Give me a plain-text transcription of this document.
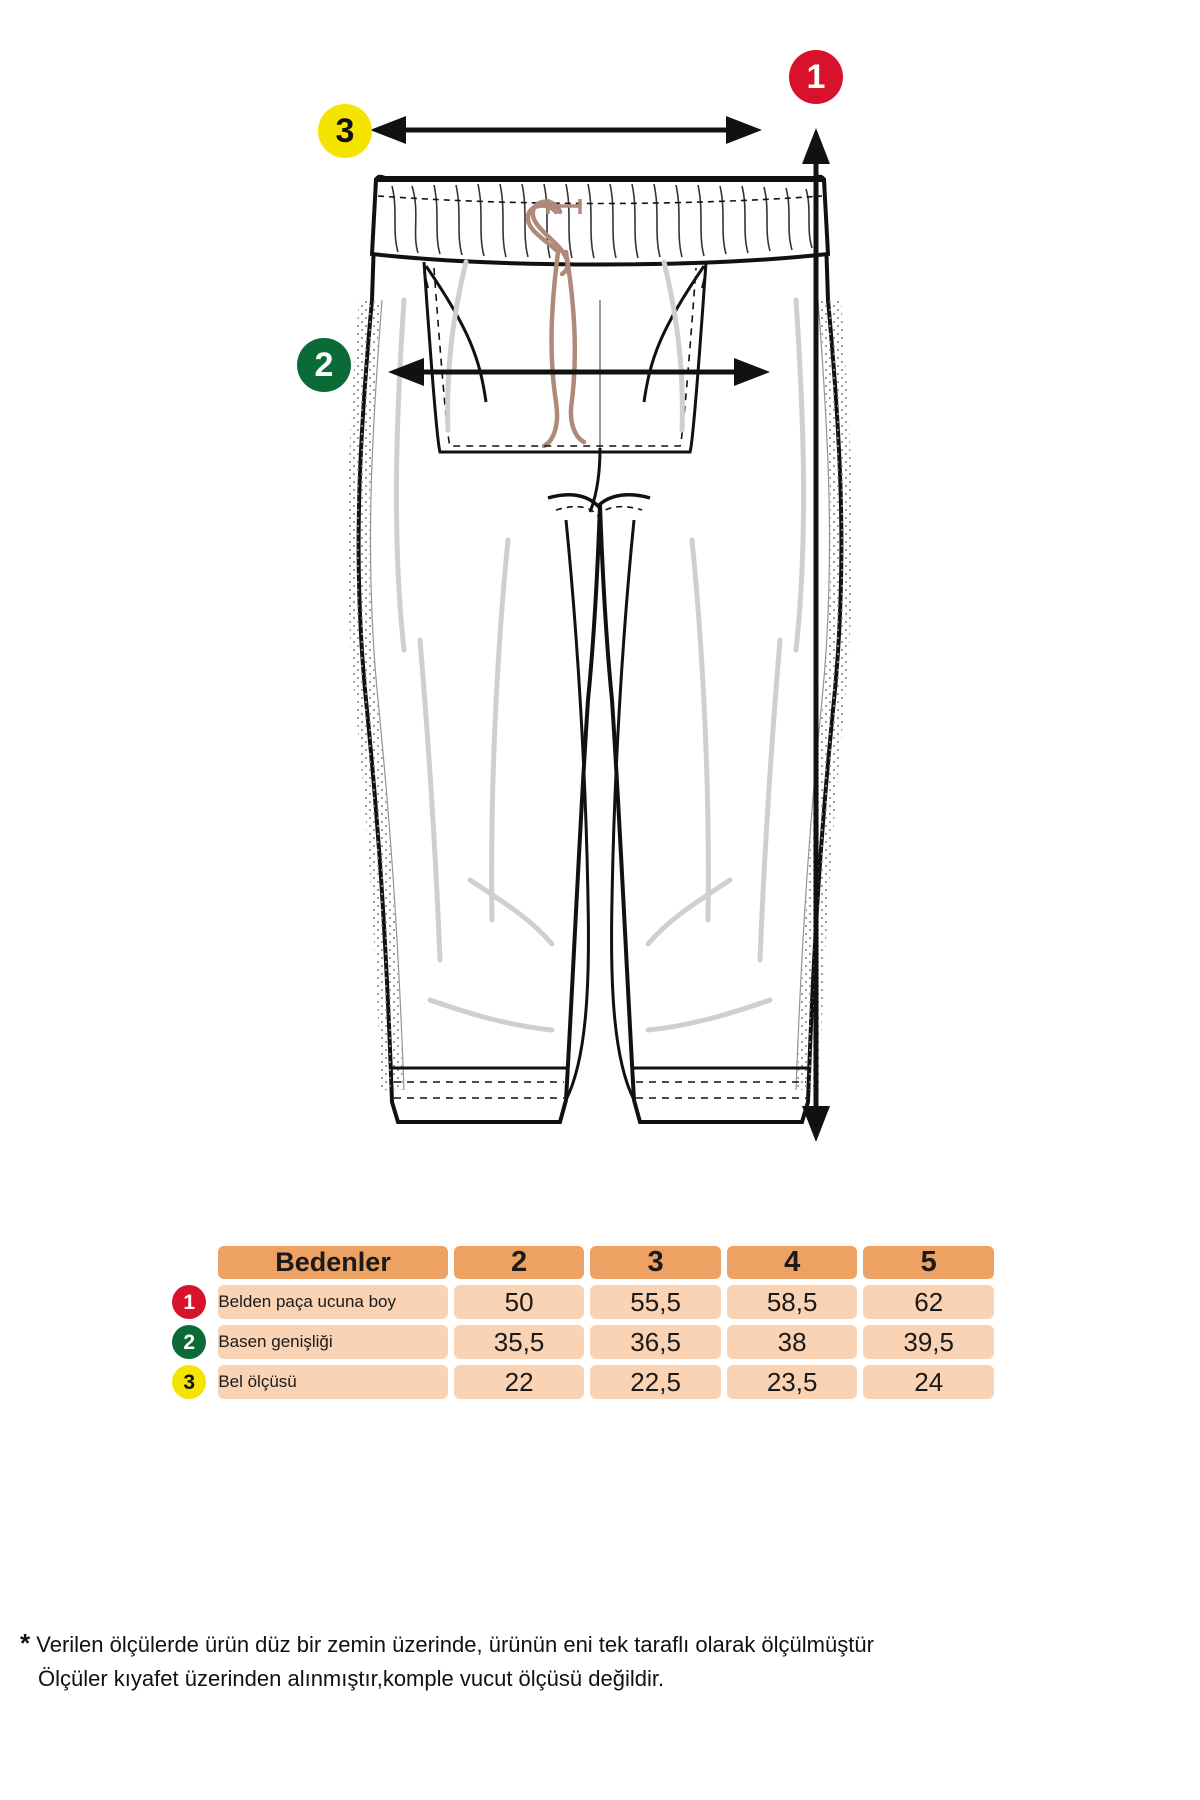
1
2
3
	Bedenler	2	3	4	5
1	Belden paça ucuna boy	50	55,5	58,5	62
2	Basen genişliği	35,5	36,5	38	39,5
3	Bel ölçüsü	22	22,5	23,5	24
* Verilen ölçülerde ürün düz bir zemin üzerinde, ürünün eni tek taraflı olarak ölçülmüştür
Ölçüler kıyafet üzerinden alınmıştır,komple vucut ölçüsü değildir.
